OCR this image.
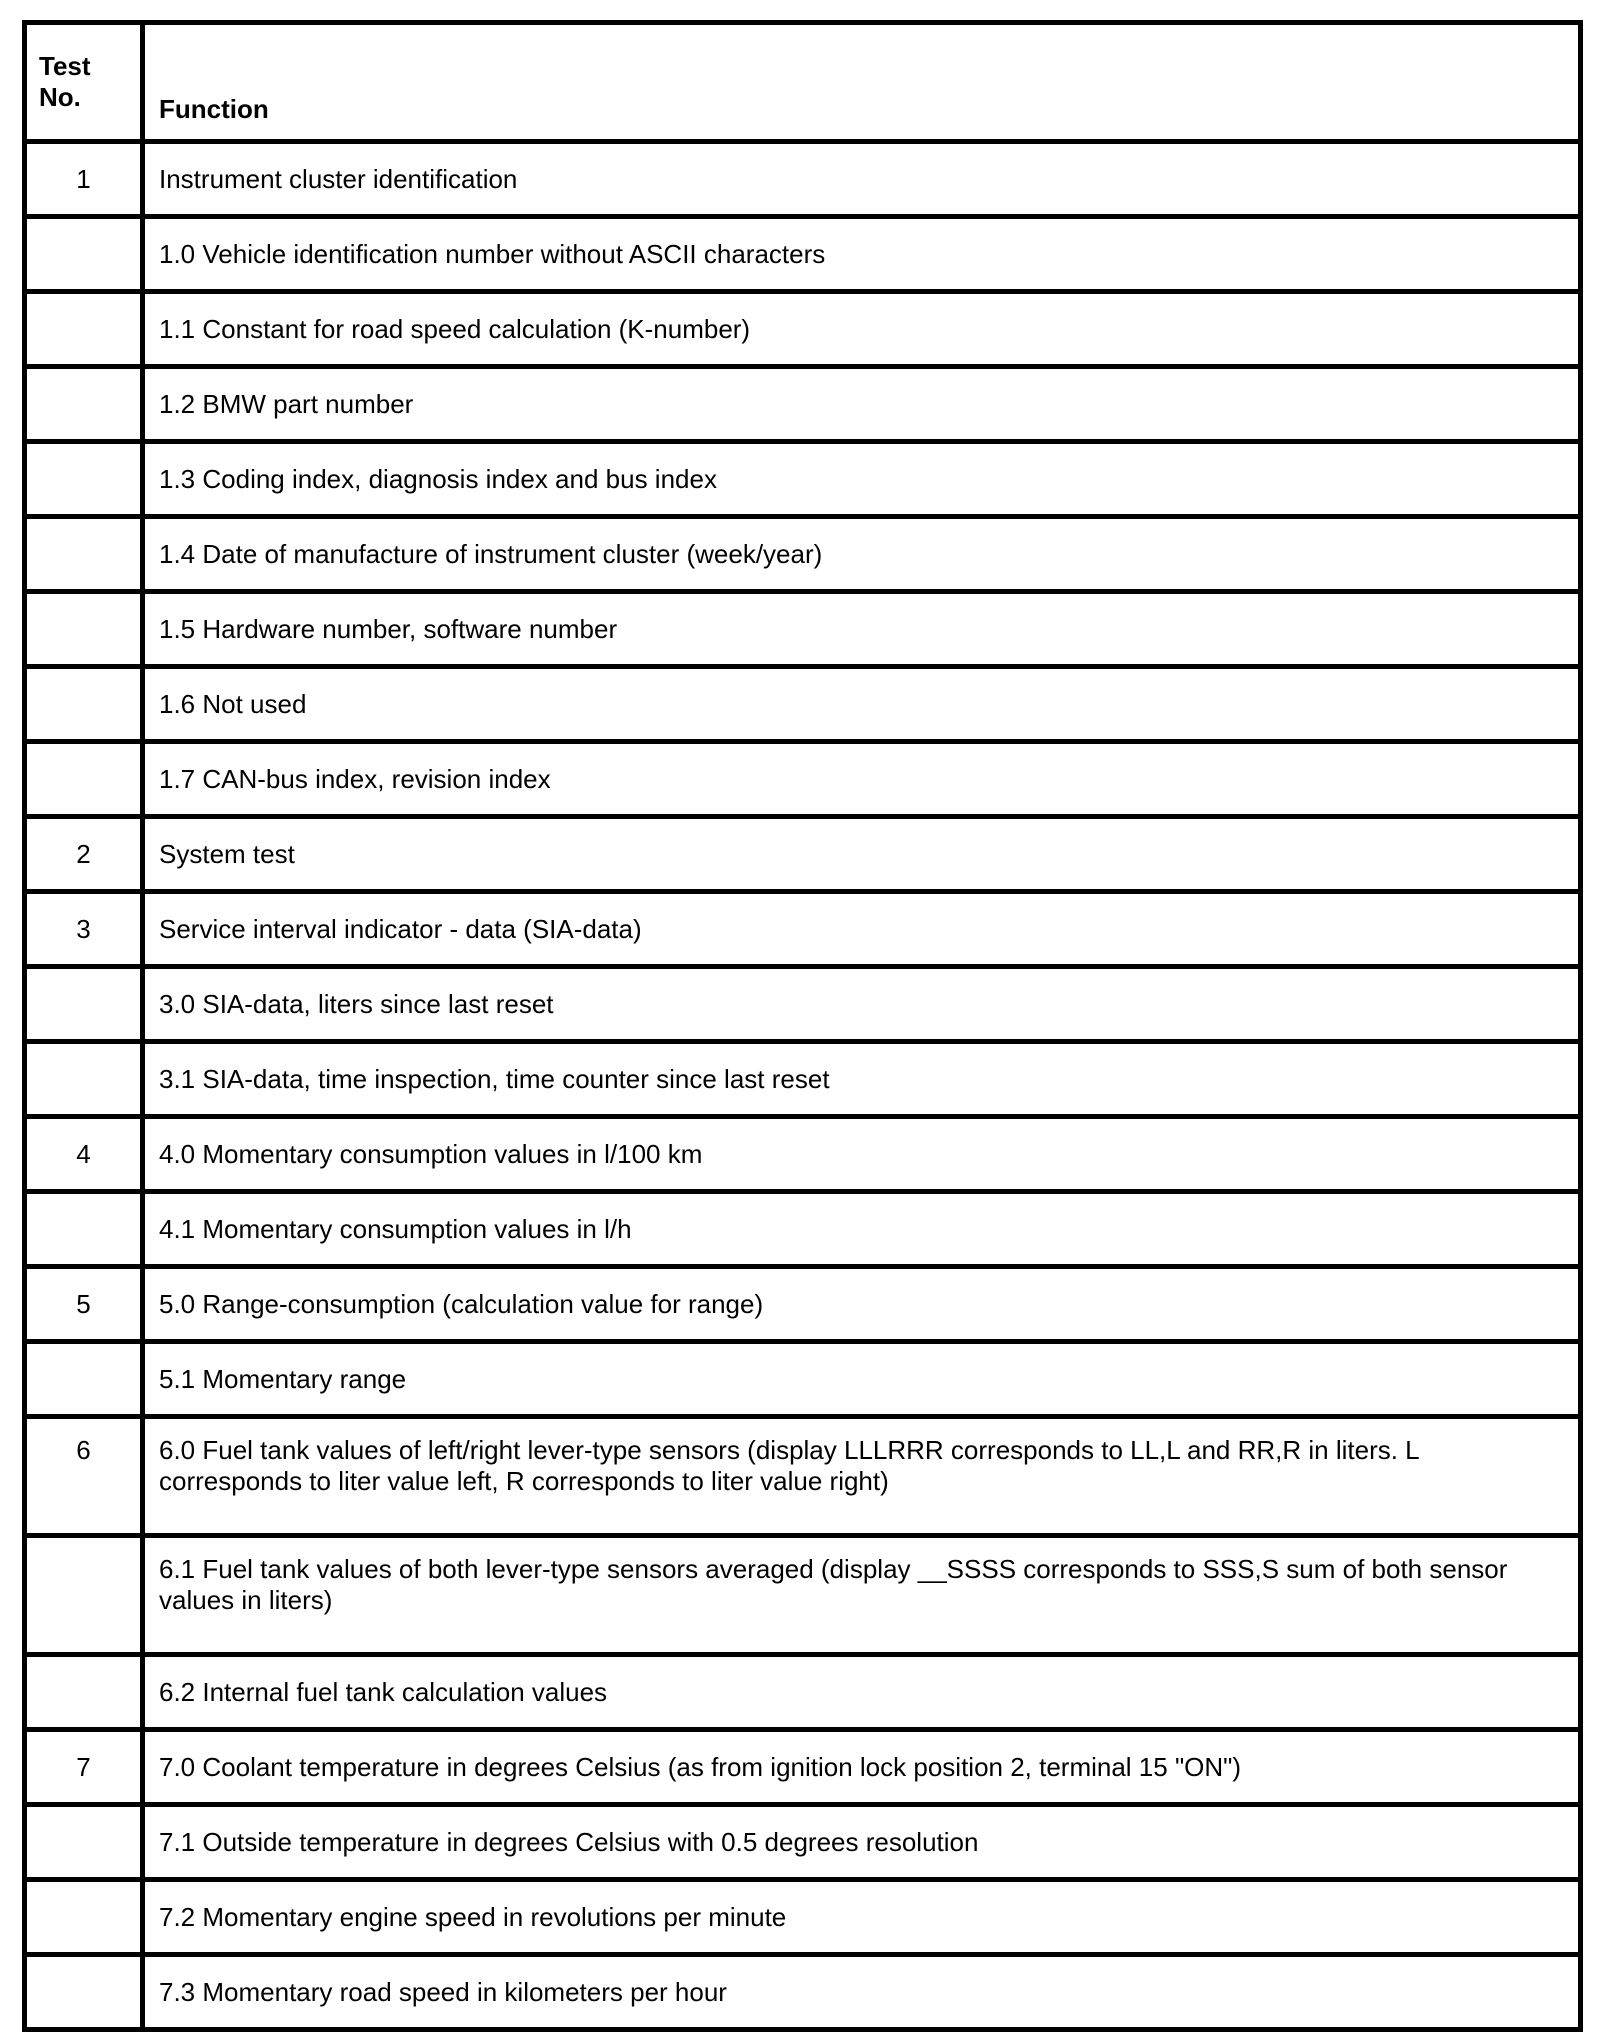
Test No.	Function
1	Instrument cluster identification
	1.0 Vehicle identification number without ASCII characters
	1.1 Constant for road speed calculation (K-number)
	1.2 BMW part number
	1.3 Coding index, diagnosis index and bus index
	1.4 Date of manufacture of instrument cluster (week/year)
	1.5 Hardware number, software number
	1.6 Not used
	1.7 CAN-bus index, revision index
2	System test
3	Service interval indicator - data (SIA-data)
	3.0 SIA-data, liters since last reset
	3.1 SIA-data, time inspection, time counter since last reset
4	4.0 Momentary consumption values in l/100 km
	4.1 Momentary consumption values in l/h
5	5.0 Range-consumption (calculation value for range)
	5.1 Momentary range
6	6.0 Fuel tank values of left/right lever-type sensors (display LLLRRR corresponds to LL,L and RR,R in liters. L corresponds to liter value left, R corresponds to liter value right)
	6.1 Fuel tank values of both lever-type sensors averaged (display __SSSS corresponds to SSS,S sum of both sensor values in liters)
	6.2 Internal fuel tank calculation values
7	7.0 Coolant temperature in degrees Celsius (as from ignition lock position 2, terminal 15 "ON")
	7.1 Outside temperature in degrees Celsius with 0.5 degrees resolution
	7.2 Momentary engine speed in revolutions per minute
	7.3 Momentary road speed in kilometers per hour
